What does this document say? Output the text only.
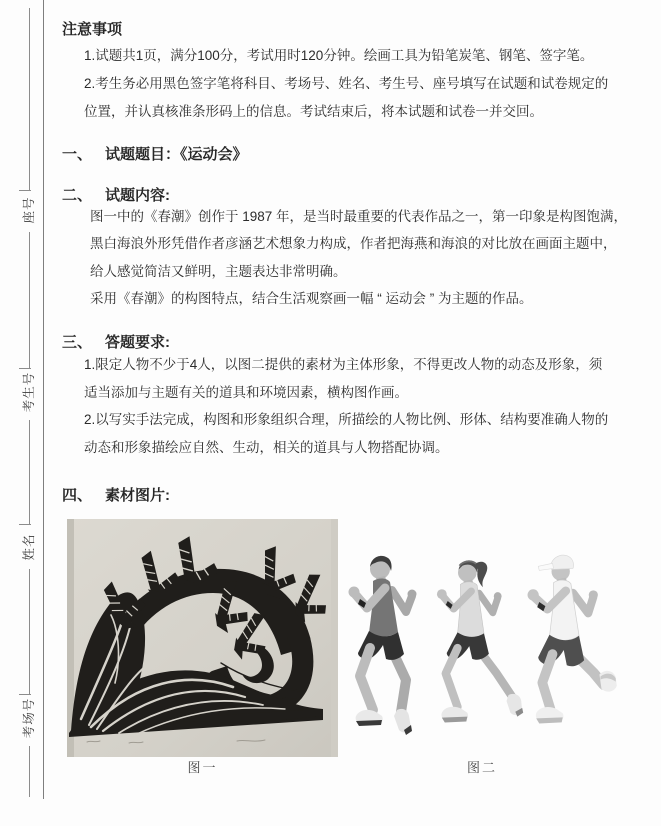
座号
考生号
姓名
考场号
注意事项
1.试题共1页，满分100分，考试用时120分钟。绘画工具为铅笔炭笔、钢笔、签字笔。
2.考生务必用黑色签字笔将科目、考场号、姓名、考生号、座号填写在试题和试卷规定的
位置，并认真核准条形码上的信息。考试结束后，将本试题和试卷一并交回。
一、 试题题目：《运动会》
二、 试题内容:
图一中的《春潮》创作于 1987 年，是当时最重要的代表作品之一，第一印象是构图饱满，
黑白海浪外形凭借作者彦涵艺术想象力构成，作者把海燕和海浪的对比放在画面主题中，
给人感觉简洁又鲜明，主题表达非常明确。
采用《春潮》的构图特点，结合生活观察画一幅 “ 运动会 ” 为主题的作品。
三、 答题要求:
1.限定人物不少于4人，以图二提供的素材为主体形象，不得更改人物的动态及形象，须
适当添加与主题有关的道具和环境因素，横构图作画。
2.以写实手法完成，构图和形象组织合理，所描绘的人物比例、形体、结构要准确人物的
动态和形象描绘应自然、生动，相关的道具与人物搭配协调。
四、 素材图片:
图一	图二
